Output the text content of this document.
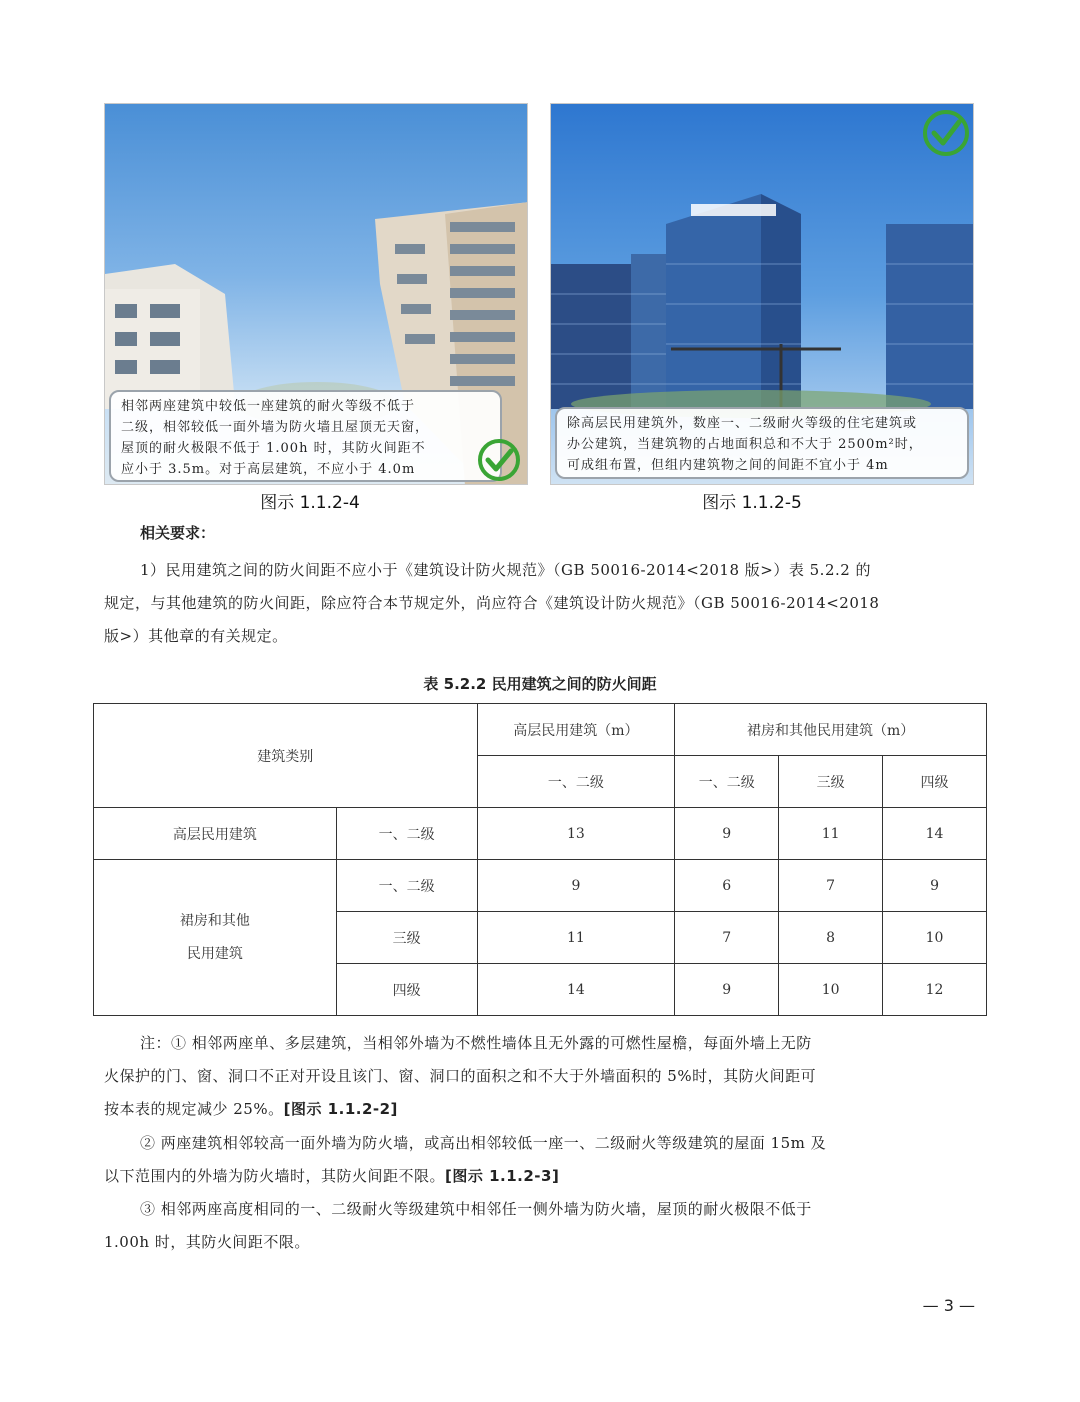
相邻两座建筑中较低一座建筑的耐火等级不低于
二级，相邻较低一面外墙为防火墙且屋顶无天窗，
屋顶的耐火极限不低于 1.00h 时，其防火间距不
应小于 3.5m。对于高层建筑，不应小于 4.0m
图示 1.1.2-4
除高层民用建筑外，数座一、二级耐火等级的住宅建筑或
办公建筑，当建筑物的占地面积总和不大于 2500m²时，
可成组布置，但组内建筑物之间的间距不宜小于 4m
图示 1.1.2-5
相关要求：
1）民用建筑之间的防火间距不应小于《建筑设计防火规范》（GB 50016-2014<2018 版>）表 5.2.2 的
规定，与其他建筑的防火间距，除应符合本节规定外，尚应符合《建筑设计防火规范》（GB 50016-2014<2018
版>）其他章的有关规定。
表 5.2.2 民用建筑之间的防火间距
建筑类别		高层民用建筑（m）	裙房和其他民用建筑（m）		
		一、二级	一、二级	三级	四级
高层民用建筑	一、二级	13	9	11	14

裙房和其他
民用建筑	一、二级	9	6	7	9
	三级	11	7	8	10
	四级	14	9	10	12
注：① 相邻两座单、多层建筑，当相邻外墙为不燃性墙体且无外露的可燃性屋檐，每面外墙上无防
火保护的门、窗、洞口不正对开设且该门、窗、洞口的面积之和不大于外墙面积的 5%时，其防火间距可
按本表的规定减少 25%。[图示 1.1.2-2]
② 两座建筑相邻较高一面外墙为防火墙，或高出相邻较低一座一、二级耐火等级建筑的屋面 15m 及
以下范围内的外墙为防火墙时，其防火间距不限。[图示 1.1.2-3]
③ 相邻两座高度相同的一、二级耐火等级建筑中相邻任一侧外墙为防火墙，屋顶的耐火极限不低于
1.00h 时，其防火间距不限。
— 3 —
